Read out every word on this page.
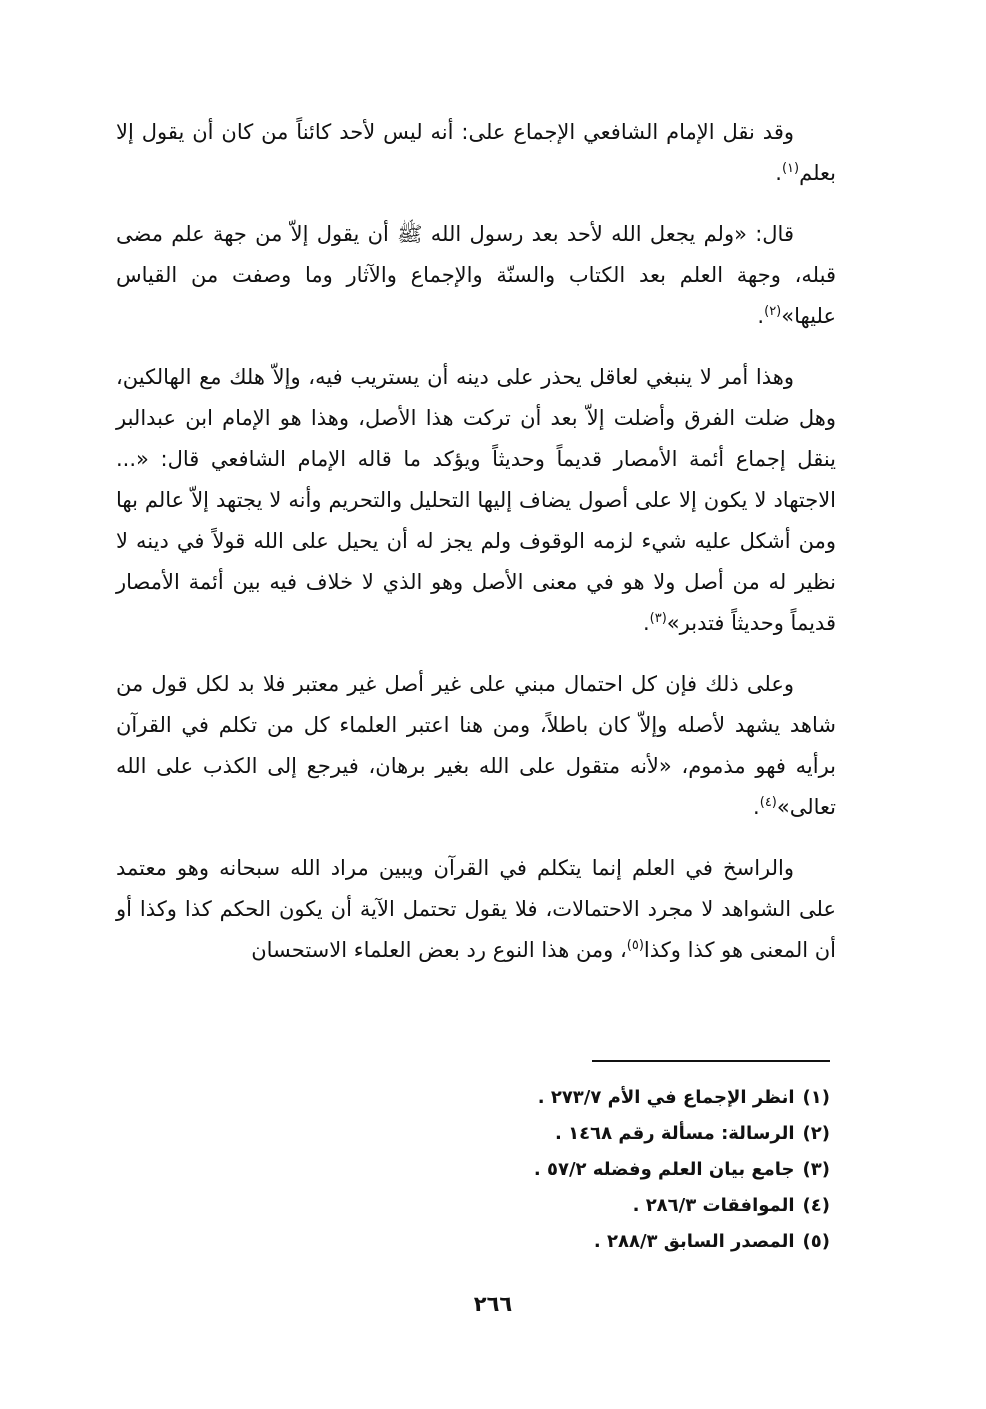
وقد نقل الإمام الشافعي الإجماع على: أنه ليس لأحد كائناً من كان أن يقول إلا بعلم$^{(١)}$.

قال: «ولم يجعل الله لأحد بعد رسول الله ﷺ أن يقول إلاّ من جهة علم مضى قبله، وجهة العلم بعد الكتاب والسنّة والإجماع والآثار وما وصفت من القياس عليها»$^{(٢)}$.

وهذا أمر لا ينبغي لعاقل يحذر على دينه أن يستريب فيه، وإلاّ هلك مع الهالكين، وهل ضلت الفرق وأضلت إلاّ بعد أن تركت هذا الأصل، وهذا هو الإمام ابن عبدالبر ينقل إجماع أئمة الأمصار قديماً وحديثاً ويؤكد ما قاله الإمام الشافعي قال: «... الاجتهاد لا يكون إلا على أصول يضاف إليها التحليل والتحريم وأنه لا يجتهد إلاّ عالم بها ومن أشكل عليه شيء لزمه الوقوف ولم يجز له أن يحيل على الله قولاً في دينه لا نظير له من أصل ولا هو في معنى الأصل وهو الذي لا خلاف فيه بين أئمة الأمصار قديماً وحديثاً فتدبر»$^{(٣)}$.

وعلى ذلك فإن كل احتمال مبني على غير أصل غير معتبر فلا بد لكل قول من شاهد يشهد لأصله وإلاّ كان باطلاً، ومن هنا اعتبر العلماء كل من تكلم في القرآن برأيه فهو مذموم، «لأنه متقول على الله بغير برهان، فيرجع إلى الكذب على الله تعالى»$^{(٤)}$.

والراسخ في العلم إنما يتكلم في القرآن ويبين مراد الله سبحانه وهو معتمد على الشواهد لا مجرد الاحتمالات، فلا يقول تحتمل الآية أن يكون الحكم كذا وكذا أو أن المعنى هو كذا وكذا$^{(٥)}$، ومن هذا النوع رد بعض العلماء الاستحسان

(١)انظر الإجماع في الأم ٢٧٣/٧ .
(٢)الرسالة: مسألة رقم ١٤٦٨ .
(٣)جامع بيان العلم وفضله ٥٧/٢ .
(٤)الموافقات ٢٨٦/٣ .
(٥)المصدر السابق ٢٨٨/٣ .
٢٦٦
